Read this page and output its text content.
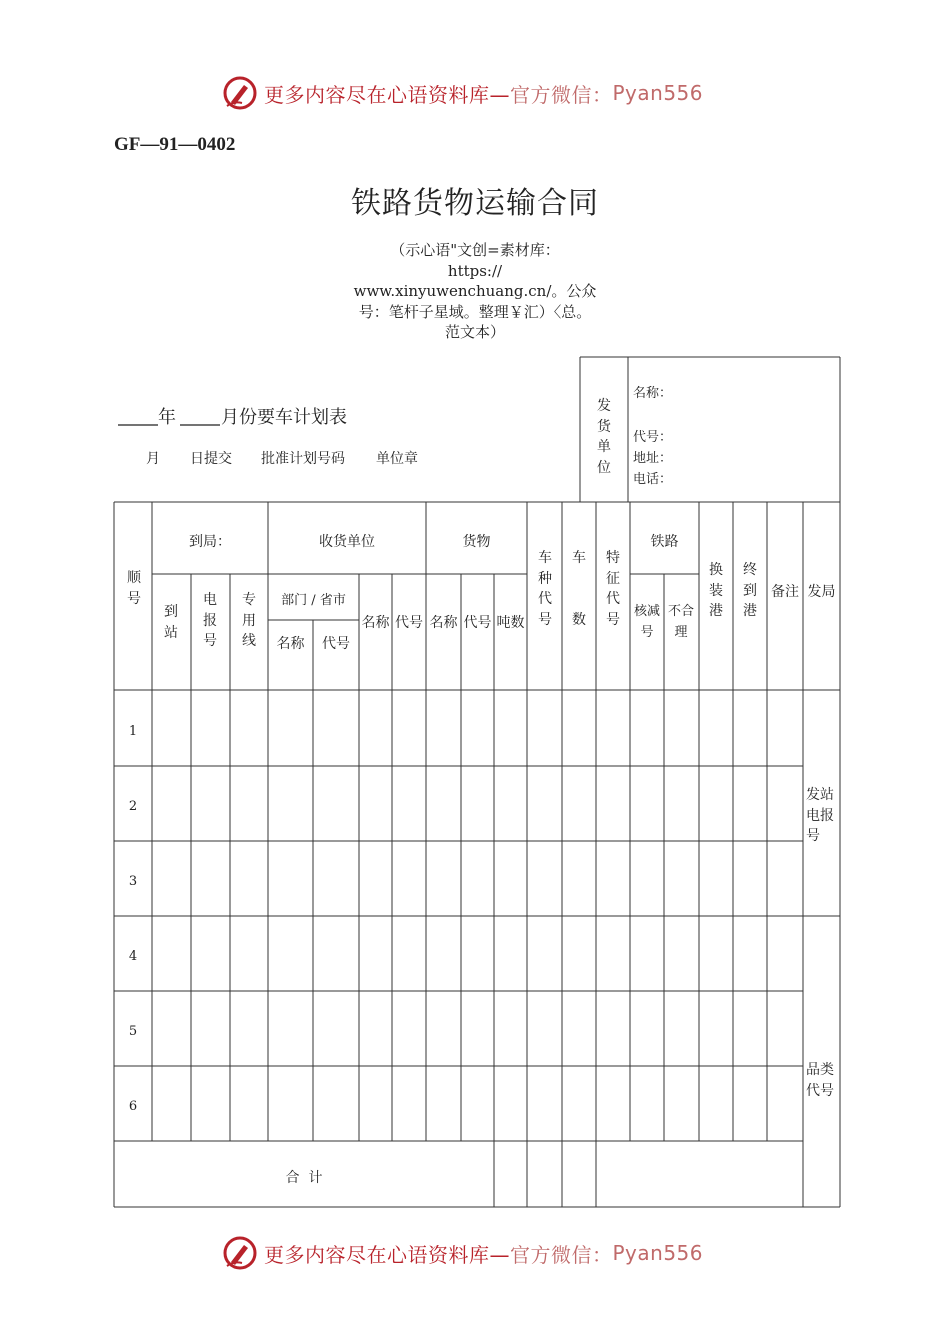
更多内容尽在心语资料库— 官方微信： Pyan556
GF—91—0402
铁路货物运输合同
（示心语"文创=素材库：
https://
www.xinyuwenchuang.cn/。公众
号：笔杆子星域。整理￥汇）〈总。
范文本）
年	月份要车计划表
月 日提交 批准计划号码 单位章
发货单位
名称：
代号：
地址：
电话：
顺号
到局：
到站
电报号
专用线
收货单位
部门 / 省市
名称	代号
名称 代号
货物
名称 代号 吨数
车种代号
车数
特征代号
铁路
核减号
不合理
换装港
终到港
备注 发局
发站电报号
品类代号
1
2
3
4
5
6
合  计
更多内容尽在心语资料库— 官方微信： Pyan556
